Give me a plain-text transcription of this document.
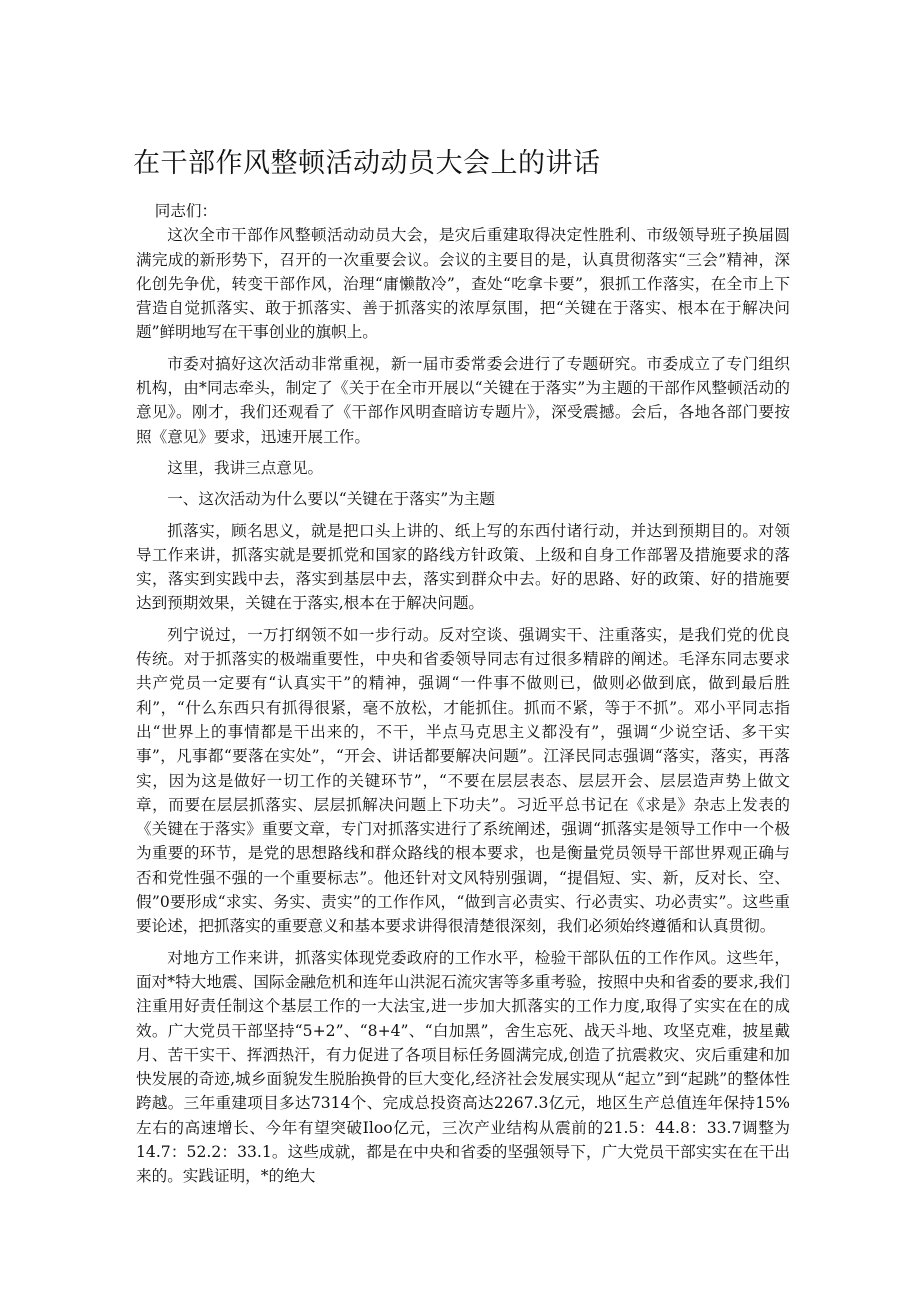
在干部作风整顿活动动员大会上的讲话

同志们：

这次全市干部作风整顿活动动员大会，是灾后重建取得决定性胜利、市级领导班子换届圆满完成的新形势下，召开的一次重要会议。会议的主要目的是，认真贯彻落实“三会”精神，深化创先争优，转变干部作风，治理“庸懒散冷”，查处“吃拿卡要”，狠抓工作落实，在全市上下营造自觉抓落实、敢于抓落实、善于抓落实的浓厚氛围，把“关键在于落实、根本在于解决问题”鲜明地写在干事创业的旗帜上。

市委对搞好这次活动非常重视，新一届市委常委会进行了专题研究。市委成立了专门组织机构，由*同志牵头，制定了《关于在全市开展以“关键在于落实”为主题的干部作风整顿活动的意见》。刚才，我们还观看了《干部作风明查暗访专题片》，深受震撼。会后，各地各部门要按照《意见》要求，迅速开展工作。

这里，我讲三点意见。

一、这次活动为什么要以“关键在于落实”为主题

抓落实，顾名思义，就是把口头上讲的、纸上写的东西付诸行动，并达到预期目的。对领导工作来讲，抓落实就是要抓党和国家的路线方针政策、上级和自身工作部署及措施要求的落实，落实到实践中去，落实到基层中去，落实到群众中去。好的思路、好的政策、好的措施要达到预期效果，关键在于落实,根本在于解决问题。

列宁说过，一万打纲领不如一步行动。反对空谈、强调实干、注重落实，是我们党的优良传统。对于抓落实的极端重要性，中央和省委领导同志有过很多精辟的阐述。毛泽东同志要求共产党员一定要有“认真实干”的精神，强调“一件事不做则已，做则必做到底，做到最后胜利”，“什么东西只有抓得很紧，毫不放松，才能抓住。抓而不紧，等于不抓”。邓小平同志指出“世界上的事情都是干出来的，不干，半点马克思主义都没有”，强调“少说空话、多干实事”，凡事都“要落在实处”，“开会、讲话都要解决问题”。江泽民同志强调“落实，落实，再落实，因为这是做好一切工作的关键环节”，“不要在层层表态、层层开会、层层造声势上做文章，而要在层层抓落实、层层抓解决问题上下功夫”。习近平总书记在《求是》杂志上发表的《关键在于落实》重要文章，专门对抓落实进行了系统阐述，强调“抓落实是领导工作中一个极为重要的环节，是党的思想路线和群众路线的根本要求，也是衡量党员领导干部世界观正确与否和党性强不强的一个重要标志”。他还针对文风特别强调，“提倡短、实、新，反对长、空、假”0要形成“求实、务实、责实”的工作作风，“做到言必责实、行必责实、功必责实”。这些重要论述，把抓落实的重要意义和基本要求讲得很清楚很深刻，我们必须始终遵循和认真贯彻。

对地方工作来讲，抓落实体现党委政府的工作水平，检验干部队伍的工作作风。这些年，面对*特大地震、国际金融危机和连年山洪泥石流灾害等多重考验，按照中央和省委的要求,我们注重用好责任制这个基层工作的一大法宝,进一步加大抓落实的工作力度,取得了实实在在的成效。广大党员干部坚持“5+2”、“8+4”、“白加黑”，舍生忘死、战天斗地、攻坚克难，披星戴月、苦干实干、挥洒热汗，有力促进了各项目标任务圆满完成,创造了抗震救灾、灾后重建和加快发展的奇迹,城乡面貌发生脱胎换骨的巨大变化,经济社会发展实现从“起立”到“起跳”的整体性跨越。三年重建项目多达7314个、完成总投资高达2267.3亿元，地区生产总值连年保持15%左右的高速增长、今年有望突破Iloo亿元，三次产业结构从震前的21.5：44.8：33.7调整为14.7：52.2：33.1。这些成就，都是在中央和省委的坚强领导下，广大党员干部实实在在干出来的。实践证明，*的绝大
